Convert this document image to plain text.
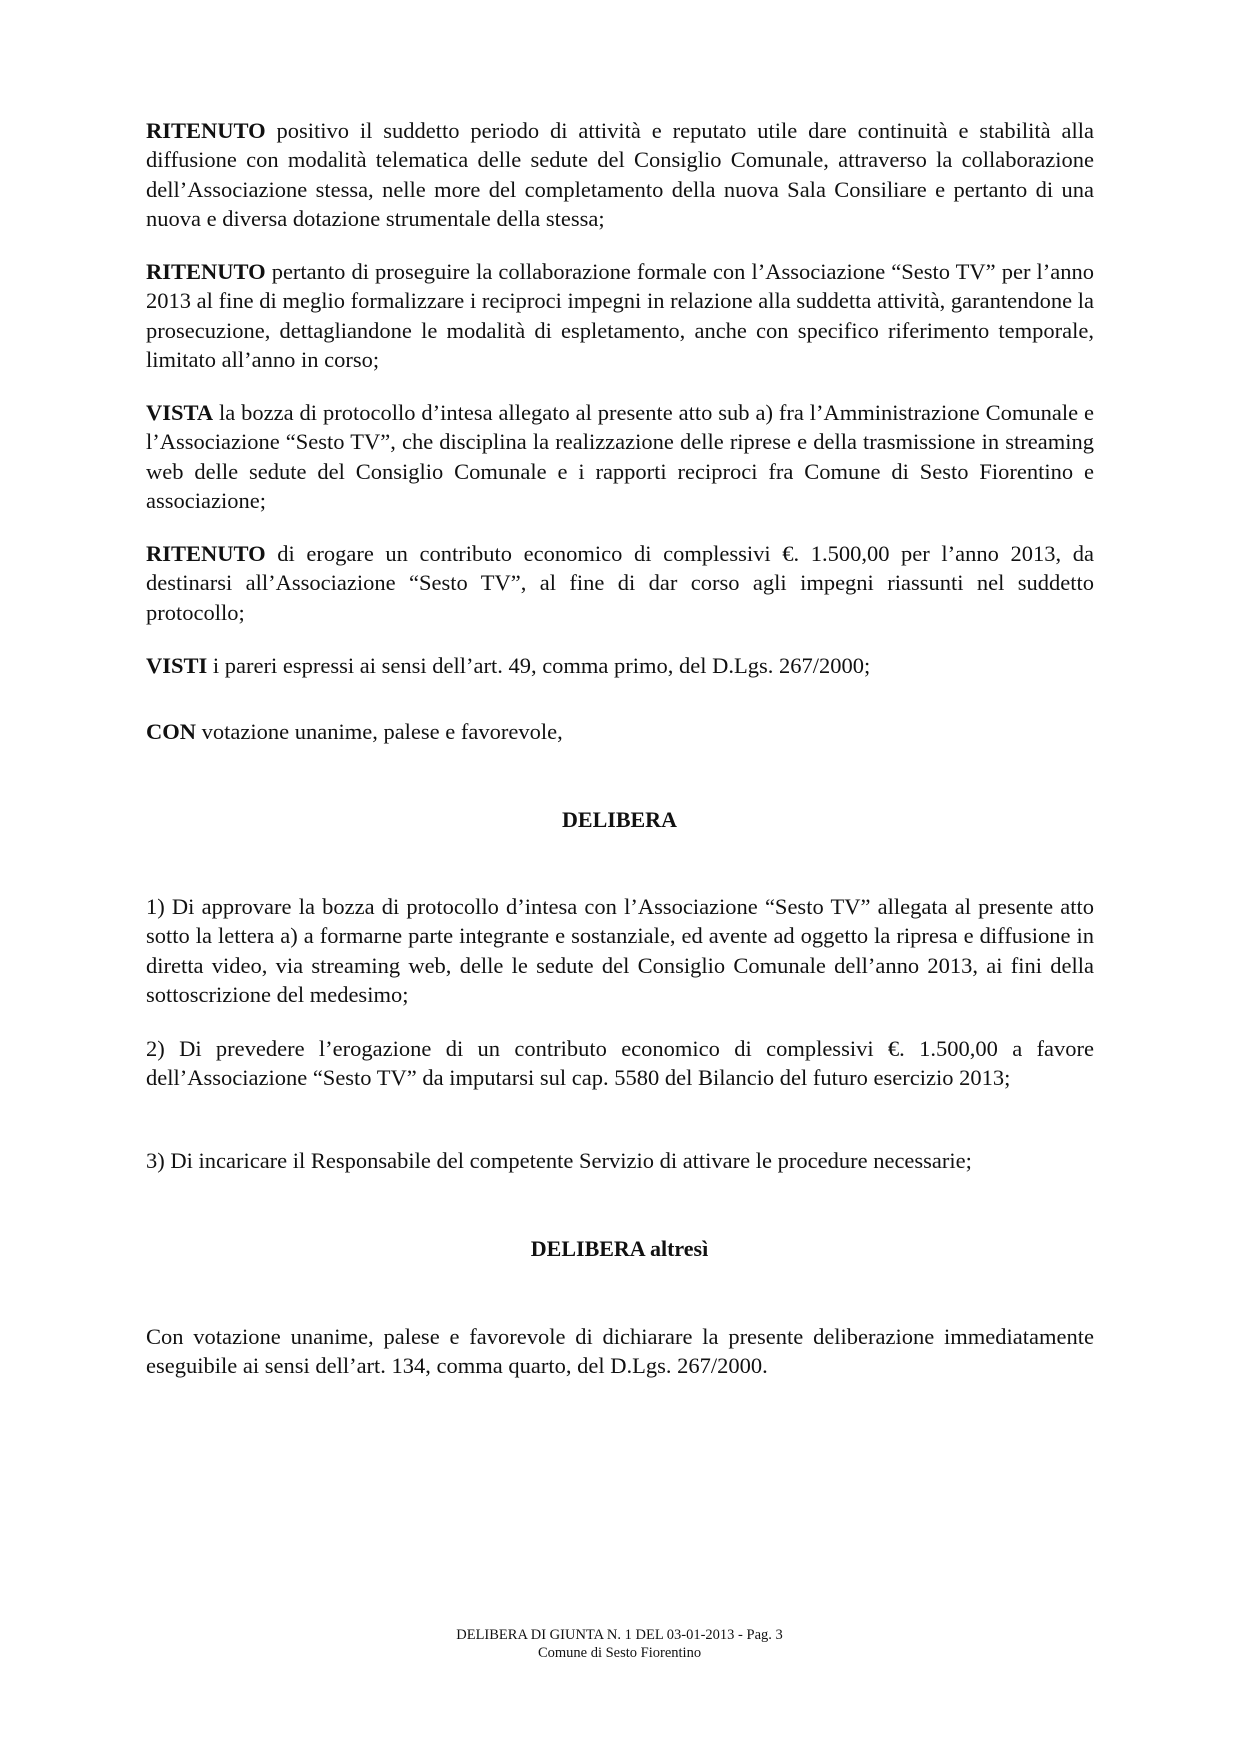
RITENUTO positivo il suddetto periodo di attività e reputato utile dare continuità e stabilità alla diffusione con modalità telematica delle sedute del Consiglio Comunale, attraverso la collaborazione dell’Associazione stessa, nelle more del completamento della nuova Sala Consiliare e pertanto di una nuova e diversa dotazione strumentale della stessa;

RITENUTO pertanto di proseguire la collaborazione formale con l’Associazione “Sesto TV” per l’anno 2013 al fine di meglio formalizzare i reciproci impegni in relazione alla suddetta attività, garantendone la prosecuzione, dettagliandone le modalità di espletamento, anche con specifico riferimento temporale, limitato all’anno in corso;

VISTA la bozza di protocollo d’intesa allegato al presente atto sub a) fra l’Amministrazione Comunale e l’Associazione “Sesto TV”, che disciplina la realizzazione delle riprese e della trasmissione in streaming web delle sedute del Consiglio Comunale e i rapporti reciproci fra Comune di Sesto Fiorentino e associazione;

RITENUTO di erogare un contributo economico di complessivi €. 1.500,00 per l’anno 2013, da destinarsi all’Associazione “Sesto TV”, al fine di dar corso agli impegni riassunti nel suddetto protocollo;

VISTI i pareri espressi ai sensi dell’art. 49, comma primo, del D.Lgs. 267/2000;

CON votazione unanime, palese e favorevole,

DELIBERA

1) Di approvare la bozza di protocollo d’intesa con l’Associazione “Sesto TV” allegata al presente atto sotto la lettera a) a formarne parte integrante e sostanziale, ed avente ad oggetto la ripresa e diffusione in diretta video, via streaming web, delle le sedute del Consiglio Comunale dell’anno 2013, ai fini della sottoscrizione del medesimo;

2) Di prevedere l’erogazione di un contributo economico di complessivi €. 1.500,00 a favore dell’Associazione “Sesto TV” da imputarsi sul cap. 5580 del Bilancio del futuro esercizio 2013;

3) Di incaricare il Responsabile del competente Servizio di attivare le procedure necessarie;

DELIBERA altresì

Con votazione unanime, palese e favorevole di dichiarare la presente deliberazione immediatamente eseguibile ai sensi dell’art. 134, comma quarto, del D.Lgs. 267/2000.

DELIBERA DI GIUNTA N. 1 DEL 03-01-2013 - Pag. 3
Comune di Sesto Fiorentino
